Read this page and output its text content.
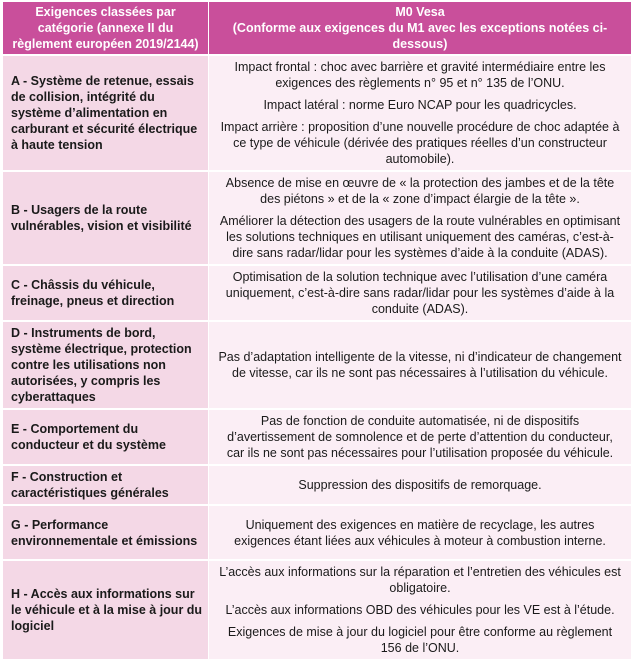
Exigences classées par catégorie (annexe II du règlement européen 2019/2144)	M0 Vesa
(Conforme aux exigences du M1 avec les exceptions notées ci-dessous)

A - Système de retenue, essais de collision, intégrité du système d’alimentation en carburant et sécurité électrique à haute tension	Impact frontal : choc avec barrière et gravité intermédiaire entre les exigences des règlements n° 95 et n° 135 de l’ONU.

Impact latéral : norme Euro NCAP pour les quadricycles.

Impact arrière : proposition d’une nouvelle procédure de choc adaptée à ce type de véhicule (dérivée des pratiques réelles d’un constructeur automobile).

B - Usagers de la route vulnérables, vision et visibilité	Absence de mise en œuvre de « la protection des jambes et de la tête des piétons » et de la « zone d’impact élargie de la tête ».

Améliorer la détection des usagers de la route vulnérables en optimisant les solutions techniques en utilisant uniquement des caméras, c’est-à-dire sans radar/lidar pour les systèmes d’aide à la conduite (ADAS).

C - Châssis du véhicule, freinage, pneus et direction	Optimisation de la solution technique avec l’utilisation d’une caméra uniquement, c’est-à-dire sans radar/lidar pour les systèmes d’aide à la conduite (ADAS).

D - Instruments de bord, système électrique, protection contre les utilisations non autorisées, y compris les cyberattaques	Pas d’adaptation intelligente de la vitesse, ni d’indicateur de changement de vitesse, car ils ne sont pas nécessaires à l’utilisation du véhicule.

E - Comportement du conducteur et du système	Pas de fonction de conduite automatisée, ni de dispositifs d’avertissement de somnolence et de perte d’attention du conducteur, car ils ne sont pas nécessaires pour l’utilisation proposée du véhicule.

F - Construction et caractéristiques générales	Suppression des dispositifs de remorquage.

G - Performance environnementale et émissions	Uniquement des exigences en matière de recyclage, les autres exigences étant liées aux véhicules à moteur à combustion interne.

H - Accès aux informations sur le véhicule et à la mise à jour du logiciel	L’accès aux informations sur la réparation et l’entretien des véhicules est obligatoire.

L’accès aux informations OBD des véhicules pour les VE est à l’étude.

Exigences de mise à jour du logiciel pour être conforme au règlement 156 de l’ONU.
